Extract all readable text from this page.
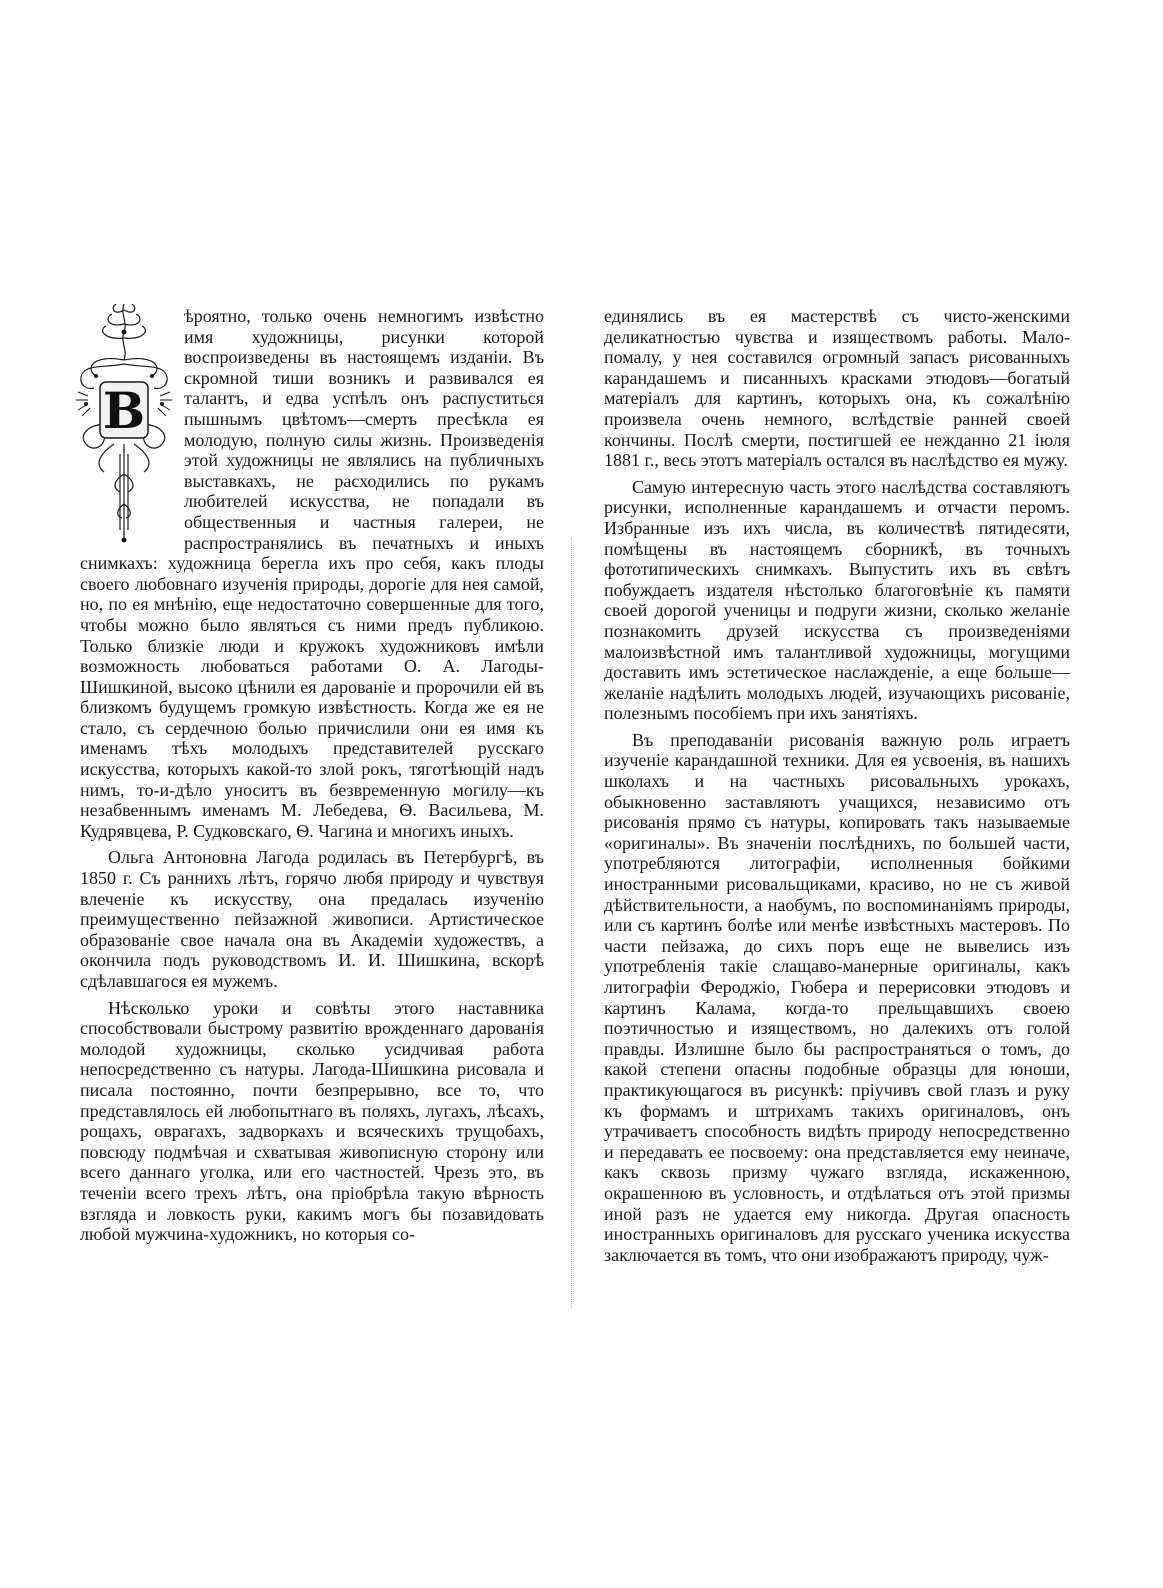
В

ѣроятно, только очень немногимъ извѣстно имя художницы, рисунки которой воспроизведены въ настоящемъ изданіи. Въ скромной тиши возникъ и развивался ея талантъ, и едва успѣлъ онъ распуститься пышнымъ цвѣтомъ—смерть пресѣкла ея молодую, полную силы жизнь. Произведенія этой художницы не являлись на публичныхъ выставкахъ, не расходились по рукамъ любителей искусства, не попадали въ общественныя и частныя галереи, не распространялись въ печатныхъ и иныхъ снимкахъ: художница берегла ихъ про себя, какъ плоды своего любовнаго изученія природы, дорогіе для нея самой, но, по ея мнѣнію, еще недостаточно совершенные для того, чтобы можно было являться съ ними предъ публикою. Только близкіе люди и кружокъ художниковъ имѣли возможность любоваться работами О. А. Лагоды-Шишкиной, высоко цѣнили ея дарованіе и пророчили ей въ близкомъ будущемъ громкую извѣстность. Когда же ея не стало, съ сердечною болью причислили они ея имя къ именамъ тѣхъ молодыхъ представителей русскаго искусства, которыхъ какой-то злой рокъ, тяготѣющій надъ нимъ, то-и-дѣло уноситъ въ безвременную могилу—къ незабвеннымъ именамъ М. Лебедева, Ѳ. Васильева, М. Кудрявцева, Р. Судковскаго, Ѳ. Чагина и многихъ иныхъ.

Ольга Антоновна Лагода родилась въ Петербургѣ, въ 1850 г. Съ раннихъ лѣтъ, горячо любя природу и чувствуя влеченіе къ искусству, она предалась изученію преимущественно пейзажной живописи. Артистическое образованіе свое начала она въ Академіи художествъ, а окончила подъ руководствомъ И. И. Шишкина, вскорѣ сдѣлавшагося ея мужемъ.

Нѣсколько уроки и совѣты этого наставника способствовали быстрому развитію врожденнаго дарованія молодой художницы, сколько усидчивая работа непосредственно съ натуры. Лагода-Шишкина рисовала и писала постоянно, почти безпрерывно, все то, что представлялось ей любопытнаго въ поляхъ, лугахъ, лѣсахъ, рощахъ, оврагахъ, задворкахъ и всяческихъ трущобахъ, повсюду подмѣчая и схватывая живописную сторону или всего даннаго уголка, или его частностей. Чрезъ это, въ теченіи всего трехъ лѣтъ, она пріобрѣла такую вѣрность взгляда и ловкость руки, какимъ могъ бы позавидовать любой мужчина-художникъ, но которыя со-

единялись въ ея мастерствѣ съ чисто-женскими деликатностью чувства и изяществомъ работы. Мало-помалу, у нея составился огромный запасъ рисованныхъ карандашемъ и писанныхъ красками этюдовъ—богатый матеріалъ для картинъ, которыхъ она, къ сожалѣнію произвела очень немного, вслѣдствіе ранней своей кончины. Послѣ смерти, постигшей ее нежданно 21 іюля 1881 г., весь этотъ матеріалъ остался въ наслѣдство ея мужу.

Самую интересную часть этого наслѣдства составляютъ рисунки, исполненные карандашемъ и отчасти перомъ. Избранные изъ ихъ числа, въ количествѣ пятидесяти, помѣщены въ настоящемъ сборникѣ, въ точныхъ фототипическихъ снимкахъ. Выпустить ихъ въ свѣтъ побуждаетъ издателя нѣстолько благоговѣніе къ памяти своей дорогой ученицы и подруги жизни, сколько желаніе познакомить друзей искусства съ произведеніями малоизвѣстной имъ талантливой художницы, могущими доставить имъ эстетическое наслажденіе, а еще больше—желаніе надѣлить молодыхъ людей, изучающихъ рисованіе, полезнымъ пособіемъ при ихъ занятіяхъ.

Въ преподаваніи рисованія важную роль играетъ изученіе карандашной техники. Для ея усвоенія, въ нашихъ школахъ и на частныхъ рисовальныхъ урокахъ, обыкновенно заставляютъ учащихся, независимо отъ рисованія прямо съ натуры, копировать такъ называемые «оригиналы». Въ значеніи послѣднихъ, по большей части, употребляются литографіи, исполненныя бойкими иностранными рисовальщиками, красиво, но не съ живой дѣйствительности, а наобумъ, по воспоминаніямъ природы, или съ картинъ болѣе или менѣе извѣстныхъ мастеровъ. По части пейзажа, до сихъ поръ еще не вывелись изъ употребленія такіе слащаво-манерные оригиналы, какъ литографіи Фероджіо, Гюбера и перерисовки этюдовъ и картинъ Калама, когда-то прельщавшихъ своею поэтичностью и изяществомъ, но далекихъ отъ голой правды. Излишне было бы распространяться о томъ, до какой степени опасны подобные образцы для юноши, практикующагося въ рисункѣ: пріучивъ свой глазъ и руку къ формамъ и штрихамъ такихъ оригиналовъ, онъ утрачиваетъ способность видѣть природу непосредственно и передавать ее посвоему: она представляется ему неиначе, какъ сквозь призму чужаго взгляда, искаженною, окрашенною въ условность, и отдѣлаться отъ этой призмы иной разъ не удается ему никогда. Другая опасность иностранныхъ оригиналовъ для русскаго ученика искусства заключается въ томъ, что они изображаютъ природу, чуж-
